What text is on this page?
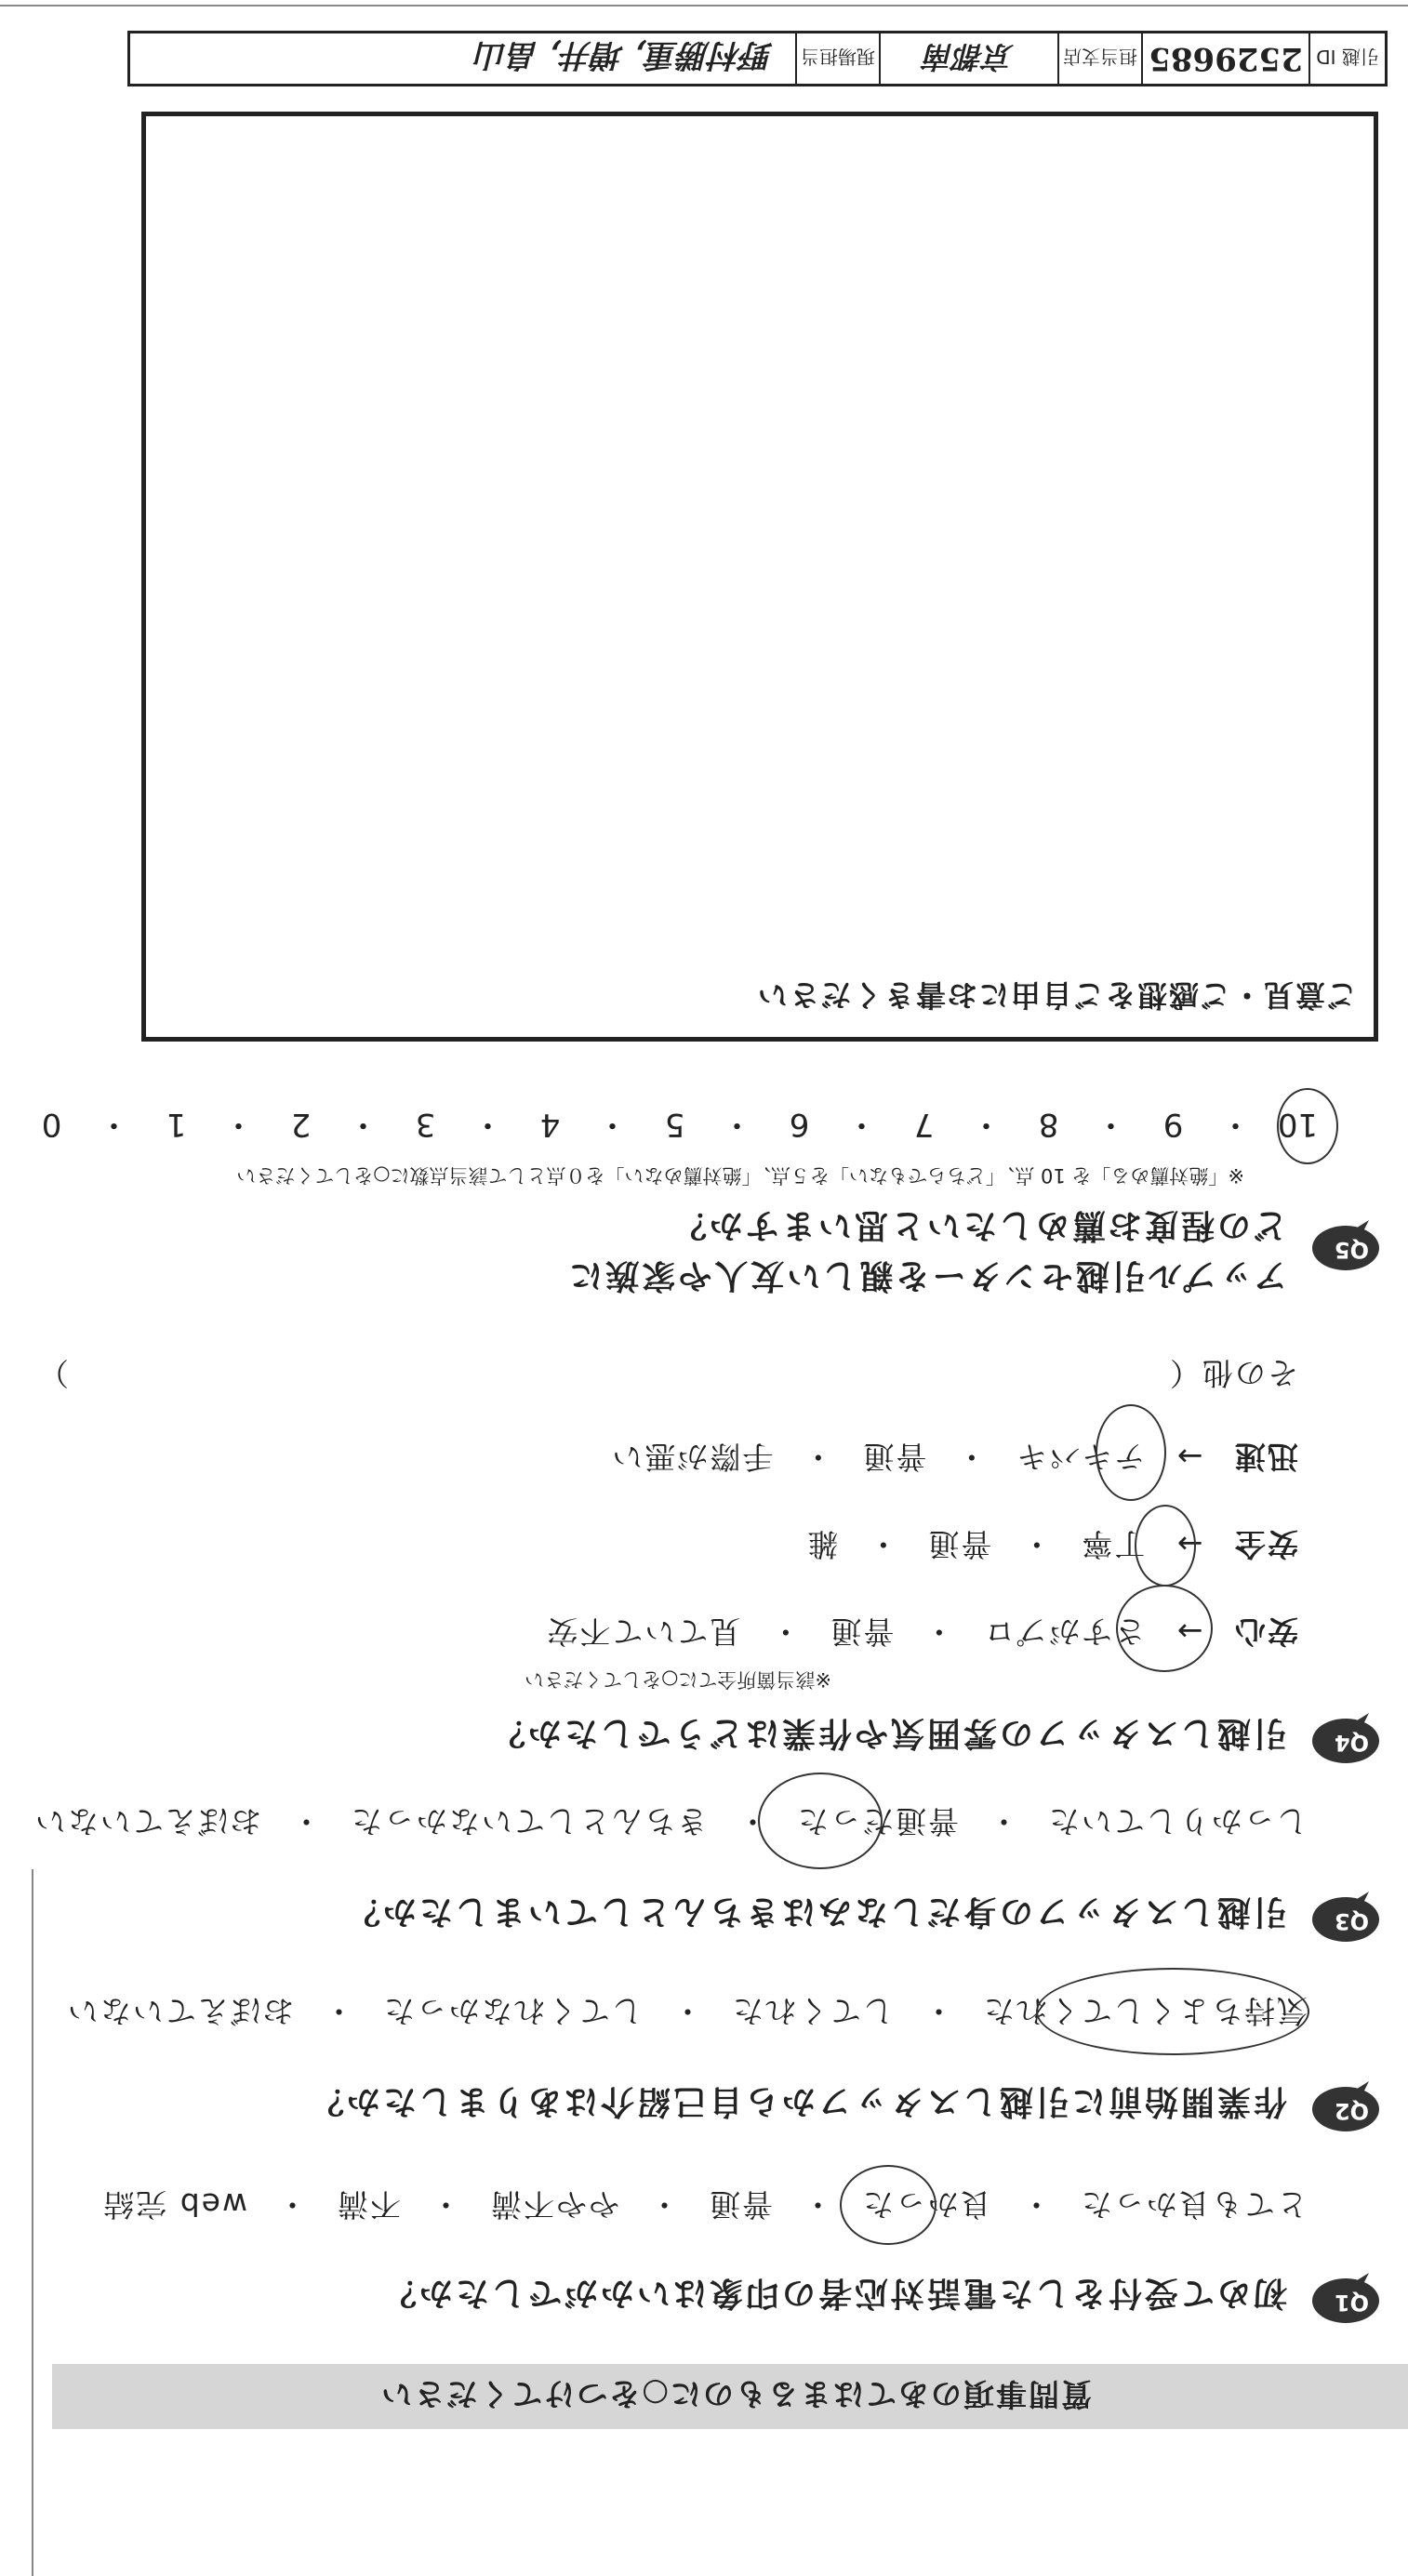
質問事項のあてはまるものに○をつけてください
Q1
初めて受付をした電話対応者の印象はいかがでしたか？
とても良かった・良かった・普通・やや不満・不満・web 完結
Q2
作業開始前に引越しスタッフから自己紹介はありましたか？
気持ちよくしてくれた・してくれた・してくれなかった・おぼえていない
Q3
引越しスタッフの身だしなみはきちんとしていましたか？
しっかりしていた・普通だった・きちんとしていなかった・おぼえていない
Q4
引越しスタッフの雰囲気や作業はどうでしたか？
※該当箇所全てに○をしてください
安心 → さすがプロ・普通・見ていて不安
安全 → 丁寧・普通・雑
迅速 → テキパキ・普通・手際が悪い
その他（
）
Q5
アップル引越センターを親しい友人や家族に
どの程度お薦めしたいと思いますか？
※「絶対薦める」を 10 点、「どちらでもない」を５点、「絶対薦めない」を０点として該当点数に○をしてください
10・9・8・7・6・5・4・3・2・1・0
ご意見・ご感想をご自由にお書きください
引越 ID
2529685
担当支店
京都南
現場担当
野村勝重, 増井, 畠山
